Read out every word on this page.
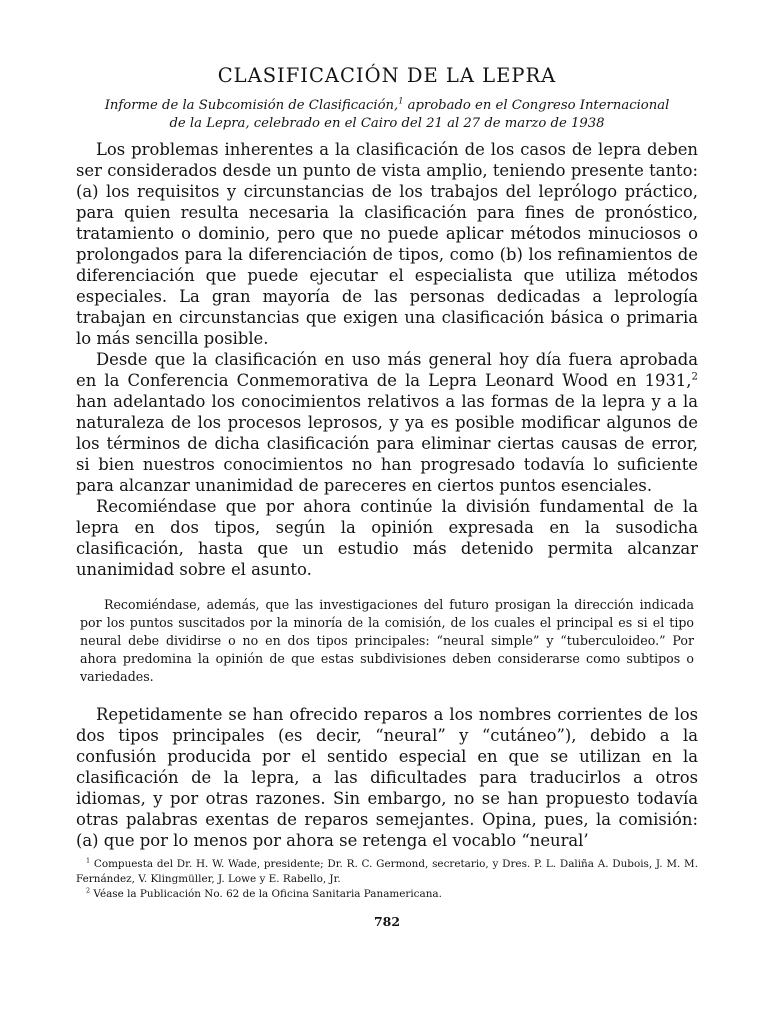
CLASIFICACIÓN DE LA LEPRA
Informe de la Subcomisión de Clasificación,$^1$ aprobado en el Congreso Internacional
de la Lepra, celebrado en el Cairo del 21 al 27 de marzo de 1938

Los problemas inherentes a la clasificación de los casos de lepra deben ser considerados desde un punto de vista amplio, teniendo presente tanto: (a) los requisitos y circunstancias de los trabajos del leprólogo práctico, para quien resulta necesaria la clasificación para fines de pronóstico, tratamiento o dominio, pero que no puede aplicar métodos minuciosos o prolongados para la diferenciación de tipos, como (b) los refinamientos de diferenciación que puede ejecutar el especialista que utiliza métodos especiales. La gran mayoría de las personas dedicadas a leprología trabajan en circunstancias que exigen una clasificación básica o primaria lo más sencilla posible.

Desde que la clasificación en uso más general hoy día fuera aprobada en la Conferencia Conmemorativa de la Lepra Leonard Wood en 1931,$^2$ han adelantado los conocimientos relativos a las formas de la lepra y a la naturaleza de los procesos leprosos, y ya es posible modificar algunos de los términos de dicha clasificación para eliminar ciertas causas de error, si bien nuestros conocimientos no han progresado todavía lo suficiente para alcanzar unanimidad de pareceres en ciertos puntos esenciales.

Recomiéndase que por ahora continúe la división fundamental de la lepra en dos tipos, según la opinión expresada en la susodicha clasificación, hasta que un estudio más detenido permita alcanzar unanimidad sobre el asunto.

Recomiéndase, además, que las investigaciones del futuro prosigan la dirección indicada por los puntos suscitados por la minoría de la comisión, de los cuales el principal es si el tipo neural debe dividirse o no en dos tipos principales: “neural simple” y “tuberculoideo.” Por ahora predomina la opinión de que estas subdivisiones deben considerarse como subtipos o variedades.

Repetidamente se han ofrecido reparos a los nombres corrientes de los dos tipos principales (es decir, “neural” y “cutáneo”), debido a la confusión producida por el sentido especial en que se utilizan en la clasificación de la lepra, a las dificultades para traducirlos a otros idiomas, y por otras razones. Sin embargo, no se han propuesto todavía otras palabras exentas de reparos semejantes. Opina, pues, la comisión: (a) que por lo menos por ahora se retenga el vocablo “neural’

$^1$ Compuesta del Dr. H. W. Wade, presidente; Dr. R. C. Germond, secretario, y Dres. P. L. Daliña A. Dubois, J. M. M. Fernández, V. Klingmüller, J. Lowe y E. Rabello, Jr.

$^2$ Véase la Publicación No. 62 de la Oficina Sanitaria Panamericana.

782
